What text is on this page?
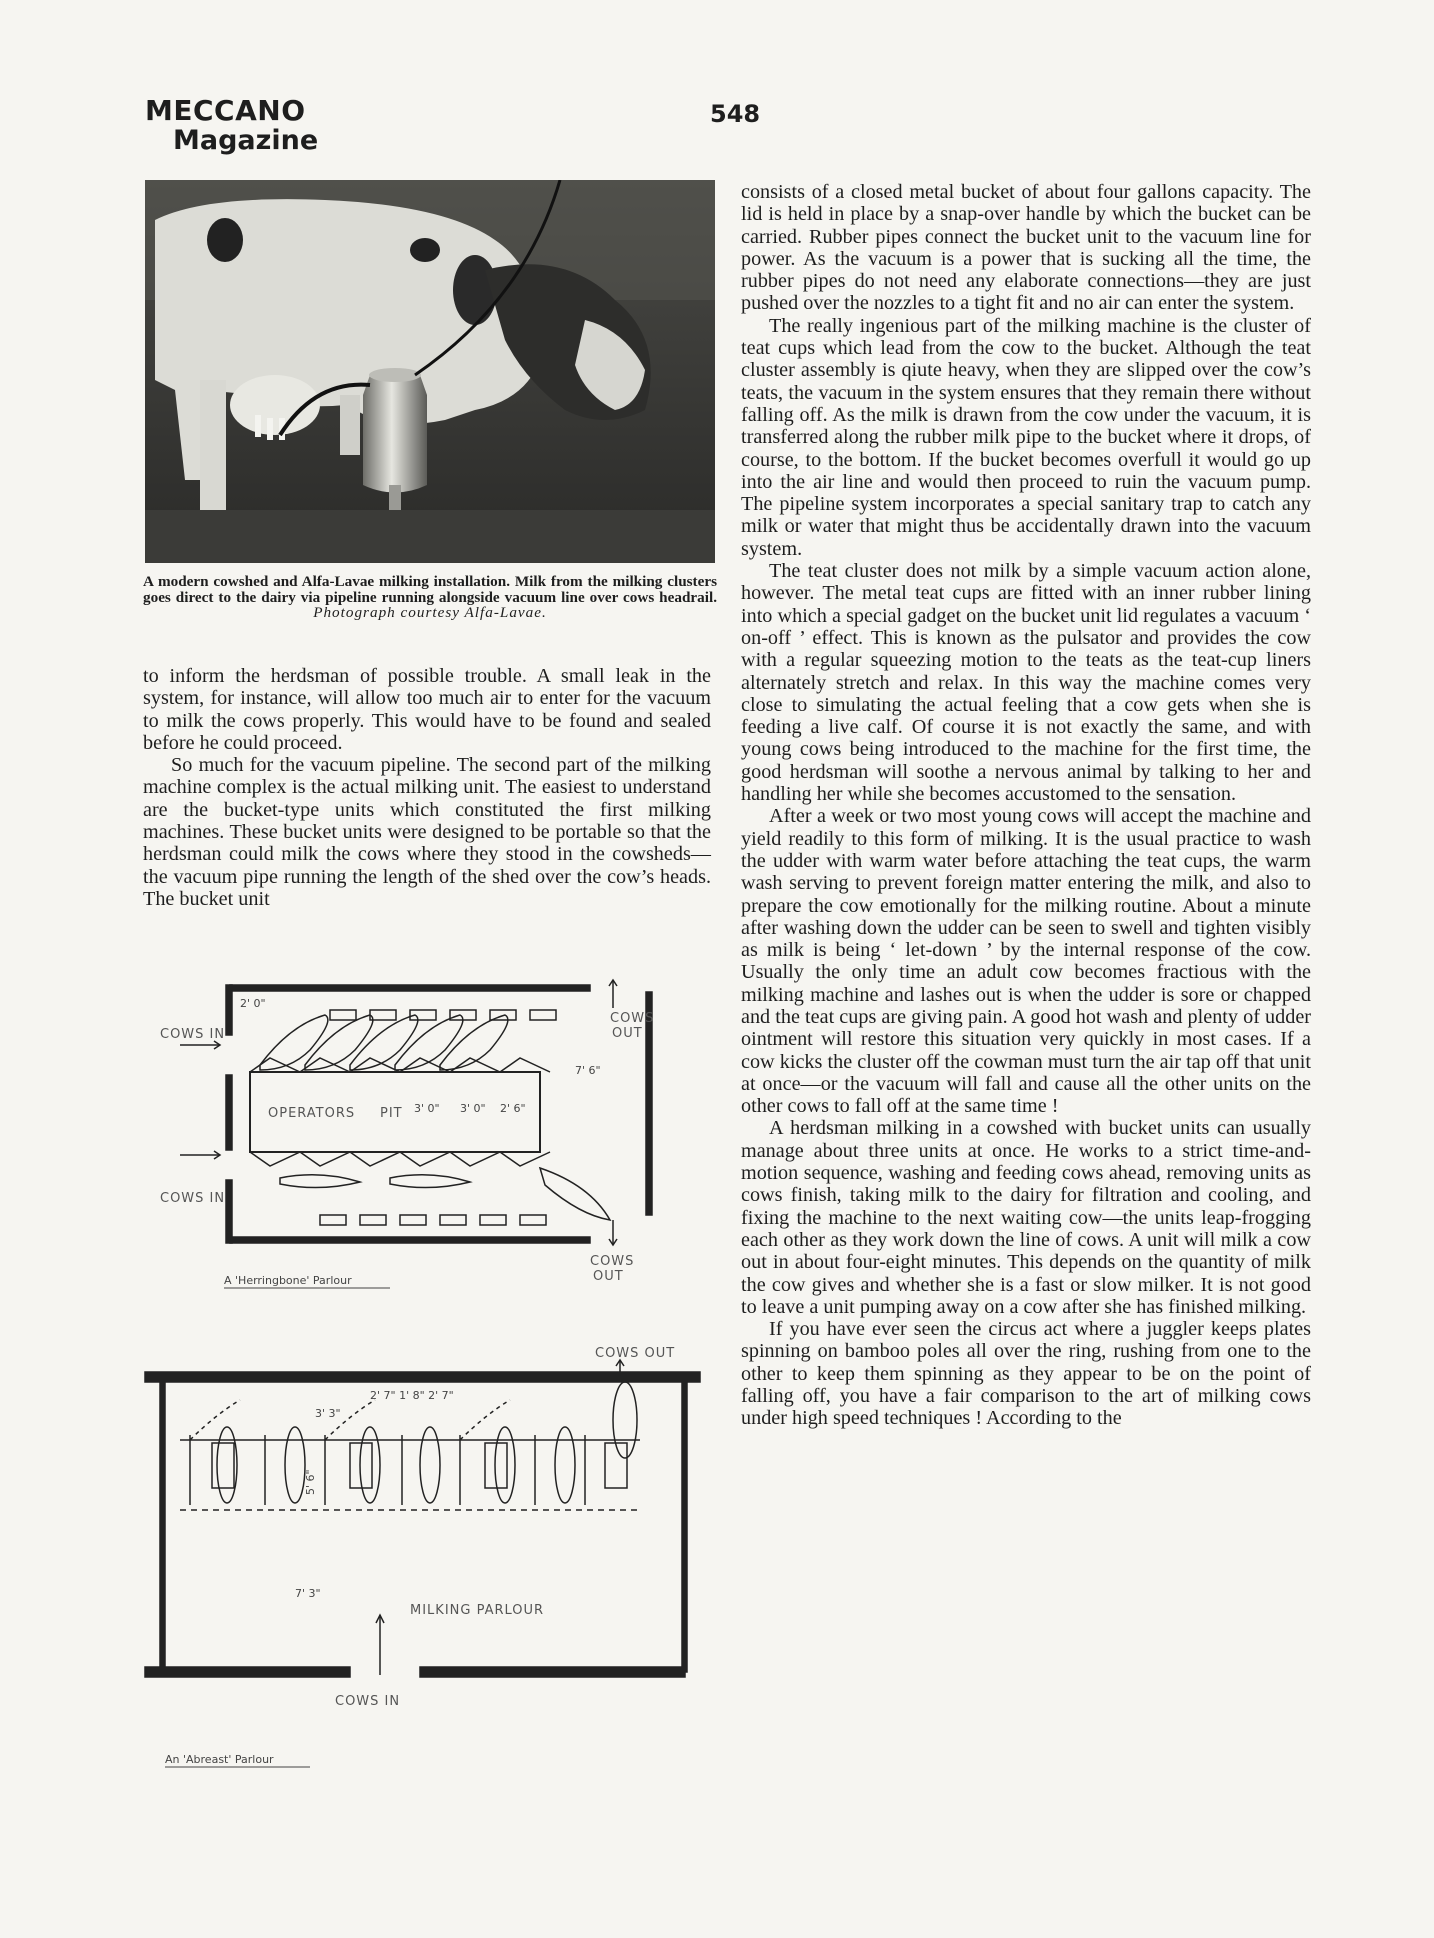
MECCANO
Magazine
548
A modern cowshed and Alfa-Lavae milking installation. Milk from the milking clusters goes direct to the dairy via pipeline running alongside vacuum line over cows headrail. Photograph courtesy Alfa-Lavae.

to inform the herdsman of possible trouble. A small leak in the system, for instance, will allow too much air to enter for the vacuum to milk the cows properly. This would have to be found and sealed before he could proceed.

So much for the vacuum pipeline. The second part of the milking machine complex is the actual milking unit. The easiest to understand are the bucket-type units which constituted the first milking machines. These bucket units were designed to be portable so that the herdsman could milk the cows where they stood in the cowsheds—the vacuum pipe running the length of the shed over the cow’s heads. The bucket unit

consists of a closed metal bucket of about four gallons capacity. The lid is held in place by a snap-over handle by which the bucket can be carried. Rubber pipes connect the bucket unit to the vacuum line for power. As the vacuum is a power that is sucking all the time, the rubber pipes do not need any elaborate connections—they are just pushed over the nozzles to a tight fit and no air can enter the system.

The really ingenious part of the milking machine is the cluster of teat cups which lead from the cow to the bucket. Although the teat cluster assembly is qiute heavy, when they are slipped over the cow’s teats, the vacuum in the system ensures that they remain there without falling off. As the milk is drawn from the cow under the vacuum, it is transferred along the rubber milk pipe to the bucket where it drops, of course, to the bottom. If the bucket becomes overfull it would go up into the air line and would then proceed to ruin the vacuum pump. The pipeline system incorporates a special sanitary trap to catch any milk or water that might thus be accidentally drawn into the vacuum system.

The teat cluster does not milk by a simple vacuum action alone, however. The metal teat cups are fitted with an inner rubber lining into which a special gadget on the bucket unit lid regulates a vacuum ‘ on-off ’ effect. This is known as the pulsator and provides the cow with a regular squeezing motion to the teats as the teat-cup liners alternately stretch and relax. In this way the machine comes very close to simulating the actual feeling that a cow gets when she is feeding a live calf. Of course it is not exactly the same, and with young cows being introduced to the machine for the first time, the good herdsman will soothe a nervous animal by talking to her and handling her while she becomes accustomed to the sensation.

After a week or two most young cows will accept the machine and yield readily to this form of milking. It is the usual practice to wash the udder with warm water before attaching the teat cups, the warm wash serving to prevent foreign matter entering the milk, and also to prepare the cow emotionally for the milking routine. About a minute after washing down the udder can be seen to swell and tighten visibly as milk is being ‘ let-down ’ by the internal response of the cow. Usually the only time an adult cow becomes fractious with the milking machine and lashes out is when the udder is sore or chapped and the teat cups are giving pain. A good hot wash and plenty of udder ointment will restore this situation very quickly in most cases. If a cow kicks the cluster off the cowman must turn the air tap off that unit at once—or the vacuum will fall and cause all the other units on the other cows to fall off at the same time !

A herdsman milking in a cowshed with bucket units can usually manage about three units at once. He works to a strict time-and-motion sequence, washing and feeding cows ahead, removing units as cows finish, taking milk to the dairy for filtration and cooling, and fixing the machine to the next waiting cow—the units leap-frogging each other as they work down the line of cows. A unit will milk a cow out in about four-eight minutes. This depends on the quantity of milk the cow gives and whether she is a fast or slow milker. It is not good to leave a unit pumping away on a cow after she has finished milking.

If you have ever seen the circus act where a juggler keeps plates spinning on bamboo poles all over the ring, rushing from one to the other to keep them spinning as they appear to be on the point of falling off, you have a fair comparison to the art of milking cows under high speed techniques ! According to the

COWS IN
COWS
OUT
2' 0"
7' 6"
OPERATORS PIT 3' 0" 3' 0" 2' 6"
COWS IN
COWS
OUT
A 'Herringbone' Parlour
COWS OUT
2' 7" 1' 8" 2' 7"
3' 3"
5' 6"
7' 3"
MILKING PARLOUR
COWS IN
An 'Abreast' Parlour
